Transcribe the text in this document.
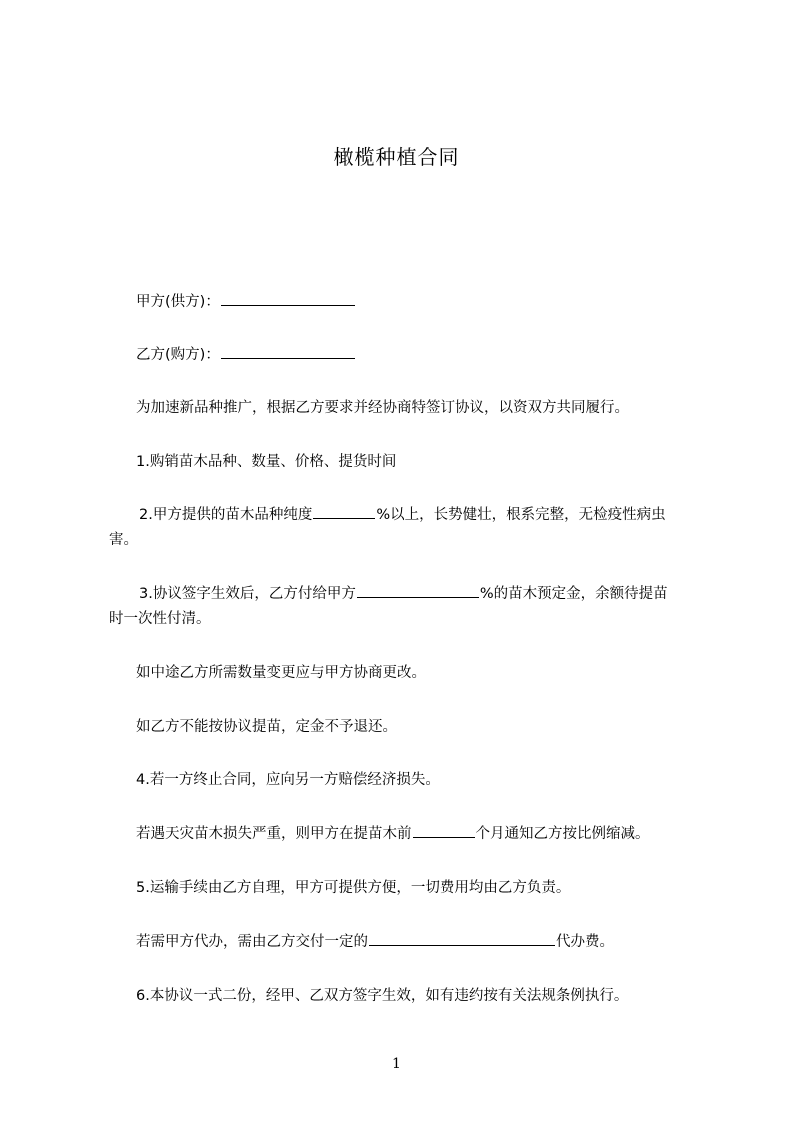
橄榄种植合同

甲方(供方)：

乙方(购方)：

为加速新品种推广，根据乙方要求并经协商特签订协议，以资双方共同履行。

1.购销苗木品种、数量、价格、提货时间

2.甲方提供的苗木品种纯度	%以上，长势健壮，根系完整，无检疫性病虫

害。

3.协议签字生效后，乙方付给甲方	%的苗木预定金，余额待提苗

时一次性付清。

如中途乙方所需数量变更应与甲方协商更改。

如乙方不能按协议提苗，定金不予退还。

4.若一方终止合同，应向另一方赔偿经济损失。

若遇天灾苗木损失严重，则甲方在提苗木前	个月通知乙方按比例缩减。

5.运输手续由乙方自理，甲方可提供方便，一切费用均由乙方负责。

若需甲方代办，需由乙方交付一定的	代办费。

6.本协议一式二份，经甲、乙双方签字生效，如有违约按有关法规条例执行。

1
